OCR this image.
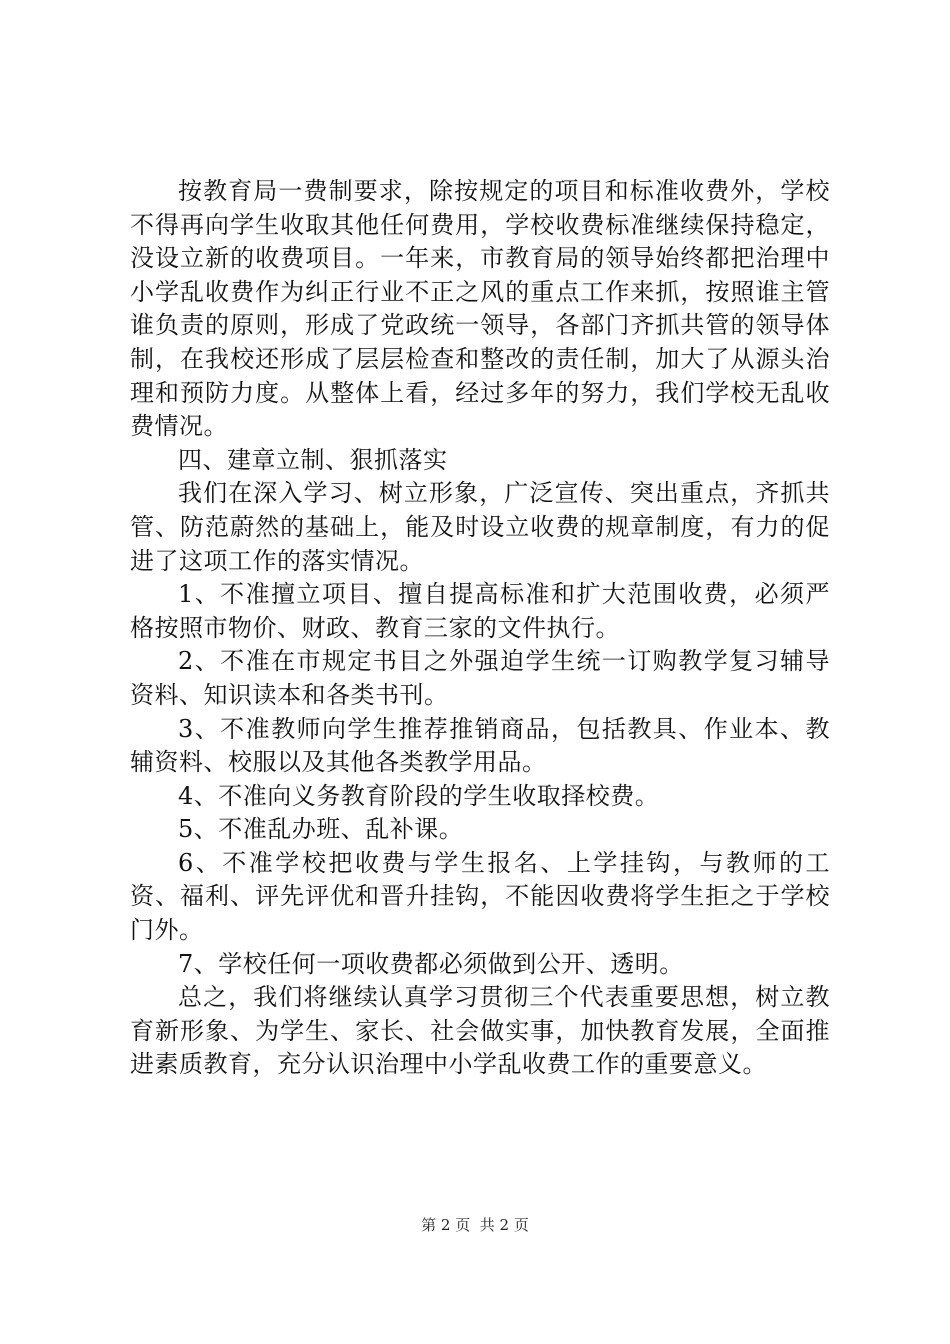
按教育局一费制要求，除按规定的项目和标准收费外，学校不得再向学生收取其他任何费用，学校收费标准继续保持稳定，没设立新的收费项目。一年来，市教育局的领导始终都把治理中小学乱收费作为纠正行业不正之风的重点工作来抓，按照谁主管谁负责的原则，形成了党政统一领导，各部门齐抓共管的领导体制，在我校还形成了层层检查和整改的责任制，加大了从源头治理和预防力度。从整体上看，经过多年的努力，我们学校无乱收费情况。

四、建章立制、狠抓落实

我们在深入学习、树立形象，广泛宣传、突出重点，齐抓共管、防范蔚然的基础上，能及时设立收费的规章制度，有力的促进了这项工作的落实情况。

1、不准擅立项目、擅自提高标准和扩大范围收费，必须严格按照市物价、财政、教育三家的文件执行。

2、不准在市规定书目之外强迫学生统一订购教学复习辅导资料、知识读本和各类书刊。

3、不准教师向学生推荐推销商品，包括教具、作业本、教辅资料、校服以及其他各类教学用品。

4、不准向义务教育阶段的学生收取择校费。

5、不准乱办班、乱补课。

6、不准学校把收费与学生报名、上学挂钩，与教师的工资、福利、评先评优和晋升挂钩，不能因收费将学生拒之于学校门外。

7、学校任何一项收费都必须做到公开、透明。

总之，我们将继续认真学习贯彻三个代表重要思想，树立教育新形象、为学生、家长、社会做实事，加快教育发展，全面推进素质教育，充分认识治理中小学乱收费工作的重要意义。

第 2 页  共 2 页
